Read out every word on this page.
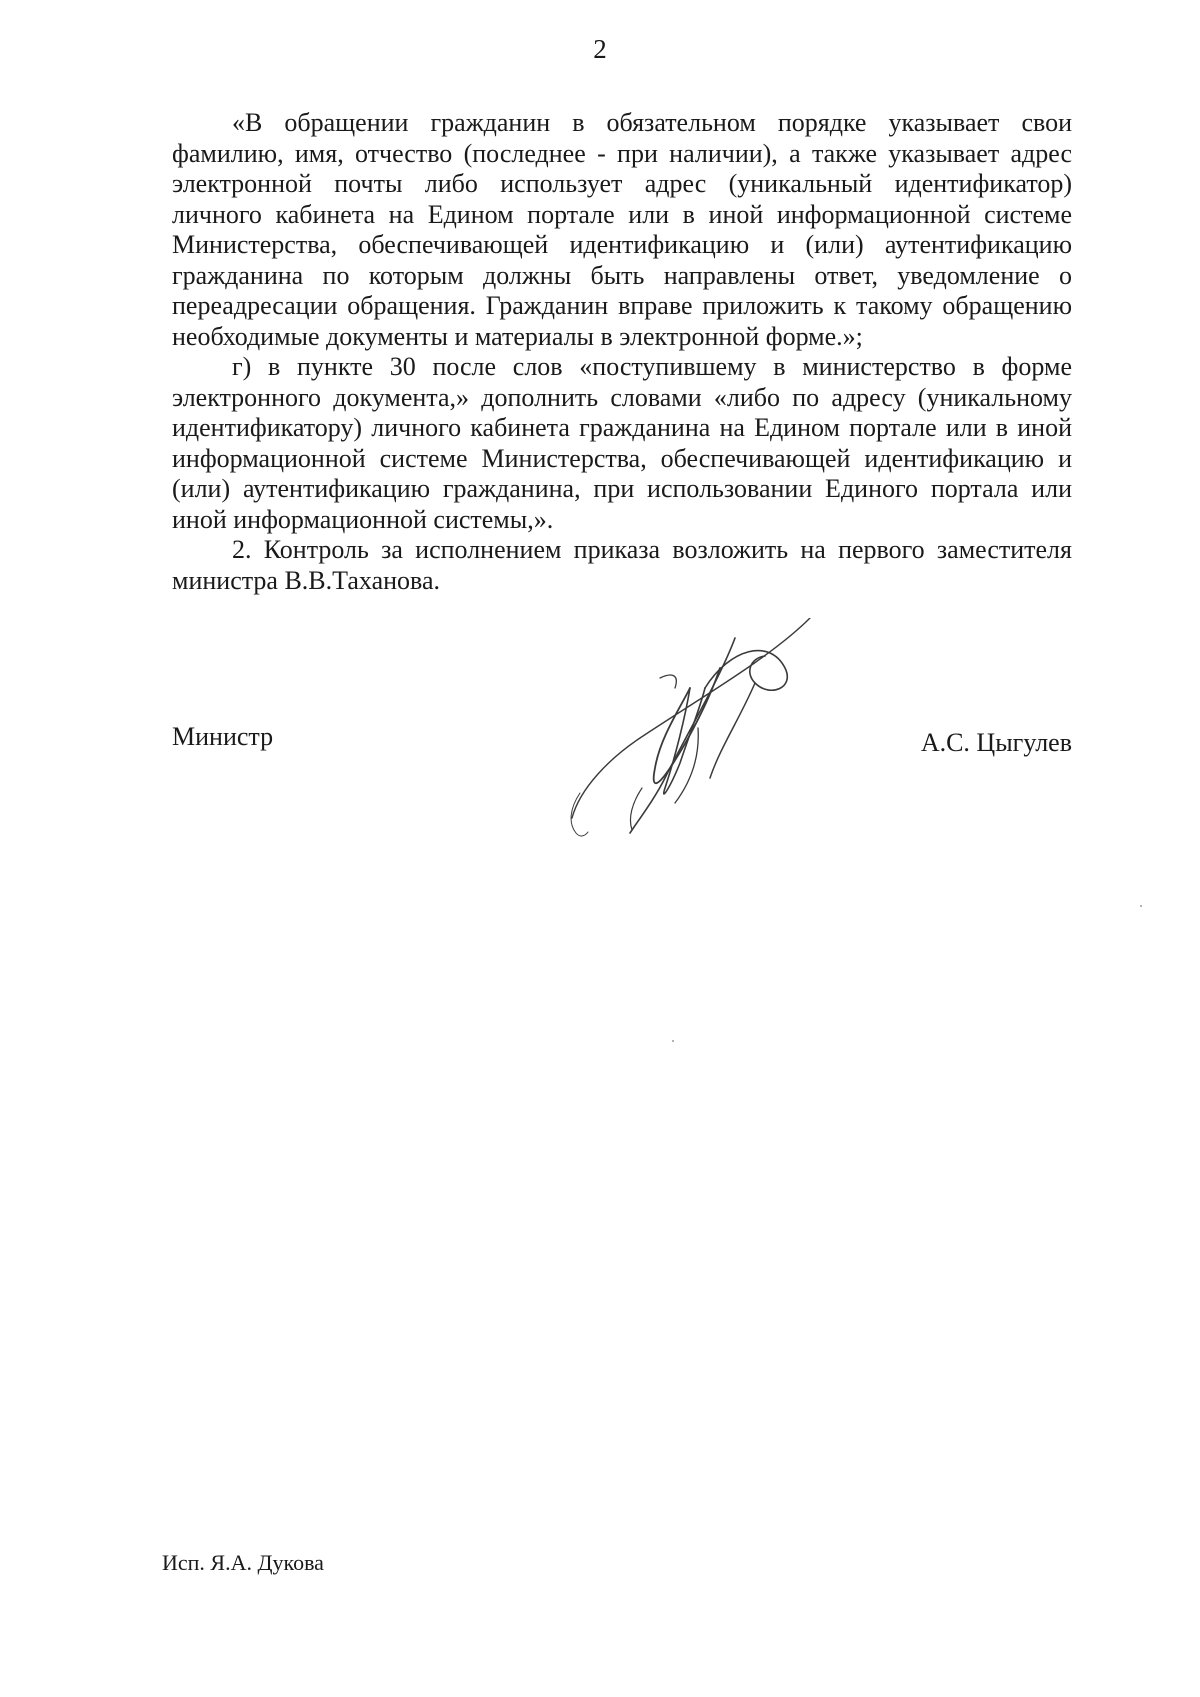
2

«В обращении гражданин в обязательном порядке указывает свои фамилию, имя, отчество (последнее - при наличии), а также указывает адрес электронной почты либо использует адрес (уникальный идентификатор) личного кабинета на Едином портале или в иной информационной системе Министерства, обеспечивающей идентификацию и (или) аутентификацию гражданина по которым должны быть направлены ответ, уведомление о переадресации обращения. Гражданин вправе приложить к такому обращению необходимые документы и материалы в электронной форме.»;

г) в пункте 30 после слов «поступившему в министерство в форме электронного документа,» дополнить словами «либо по адресу (уникальному идентификатору) личного кабинета гражданина на Едином портале или в иной информационной системе Министерства, обеспечивающей идентификацию и (или) аутентификацию гражданина, при использовании Единого портала или иной информационной системы,».

2. Контроль за исполнением приказа возложить на первого заместителя министра В.В.Таханова.

Министр	А.С. Цыгулев
Исп. Я.А. Дукова
